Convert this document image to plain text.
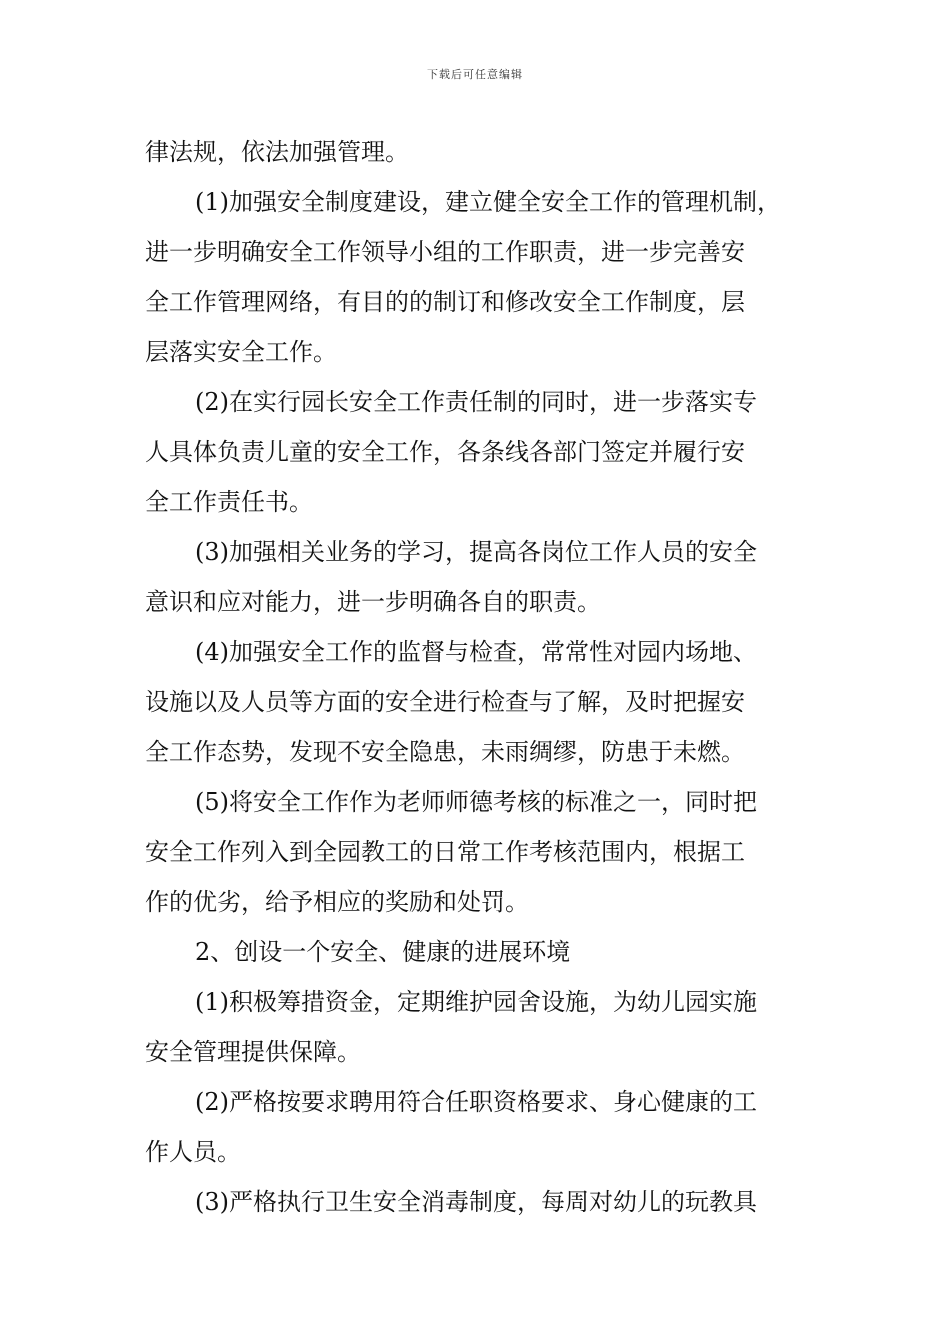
下载后可任意编辑
律法规，依法加强管理。
(1)加强安全制度建设，建立健全安全工作的管理机制，
进一步明确安全工作领导小组的工作职责，进一步完善安
全工作管理网络，有目的的制订和修改安全工作制度，层
层落实安全工作。
(2)在实行园长安全工作责任制的同时，进一步落实专
人具体负责儿童的安全工作，各条线各部门签定并履行安
全工作责任书。
(3)加强相关业务的学习，提高各岗位工作人员的安全
意识和应对能力，进一步明确各自的职责。
(4)加强安全工作的监督与检查，常常性对园内场地、
设施以及人员等方面的安全进行检查与了解，及时把握安
全工作态势，发现不安全隐患，未雨绸缪，防患于未燃。
(5)将安全工作作为老师师德考核的标准之一，同时把
安全工作列入到全园教工的日常工作考核范围内，根据工
作的优劣，给予相应的奖励和处罚。
2、创设一个安全、健康的进展环境
(1)积极筹措资金，定期维护园舍设施，为幼儿园实施
安全管理提供保障。
(2)严格按要求聘用符合任职资格要求、身心健康的工
作人员。
(3)严格执行卫生安全消毒制度，每周对幼儿的玩教具
